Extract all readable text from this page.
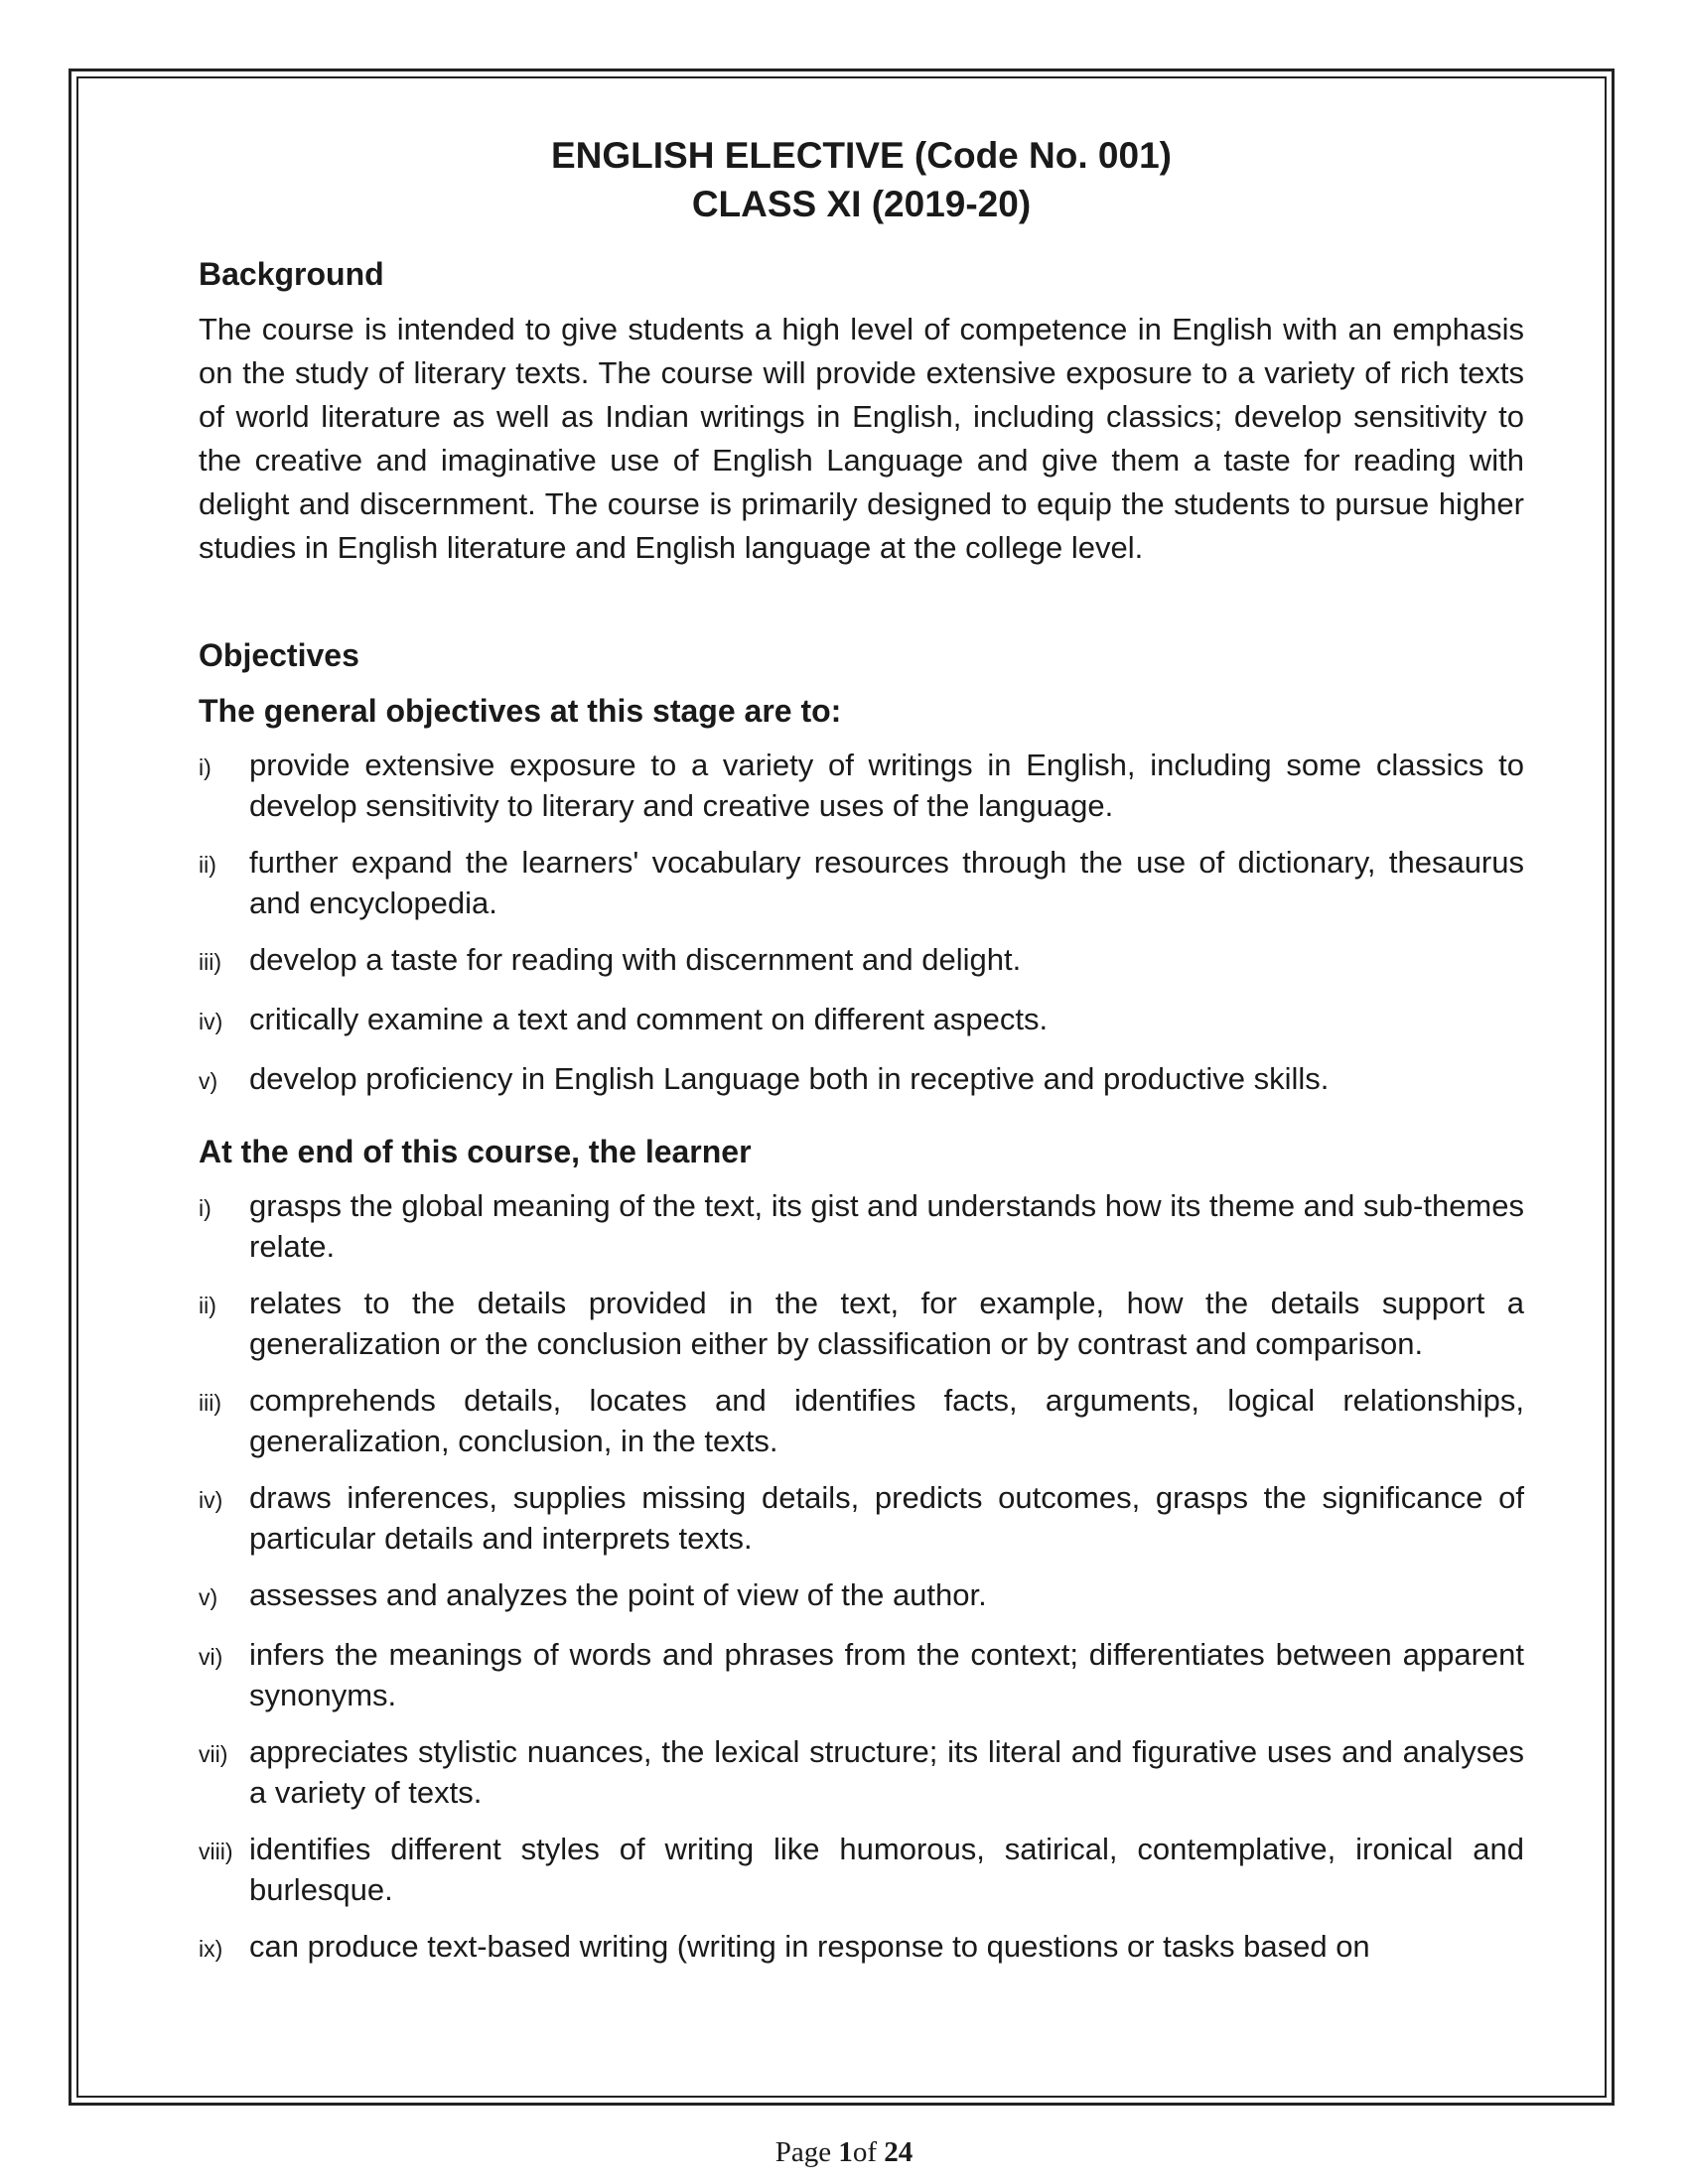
ENGLISH ELECTIVE (Code No. 001)
CLASS XI (2019-20)
Background

The course is intended to give students a high level of competence in English with an emphasis on the study of literary texts. The course will provide extensive exposure to a variety of rich texts of world literature as well as Indian writings in English, including classics; develop sensitivity to the creative and imaginative use of English Language and give them a taste for reading with delight and discernment. The course is primarily designed to equip the students to pursue higher studies in English literature and English language at the college level.

Objectives
The general objectives at this stage are to:
i)	provide extensive exposure to a variety of writings in English, including some classics to develop sensitivity to literary and creative uses of the language.
ii)	further expand the learners' vocabulary resources through the use of dictionary, thesaurus and encyclopedia.
iii) develop a taste for reading with discernment and delight.
iv) critically examine a text and comment on different aspects.
v)	develop proficiency in English Language both in receptive and productive skills.
At the end of this course, the learner
i)	grasps the global meaning of the text, its gist and understands how its theme and sub-themes relate.
ii)	relates to the details provided in the text, for example, how the details support a generalization or the conclusion either by classification or by contrast and comparison.
iii) comprehends details, locates and identifies facts, arguments, logical relationships, generalization, conclusion, in the texts.
iv) draws inferences, supplies missing details, predicts outcomes, grasps the significance of particular details and interprets texts.
v)	assesses and analyzes the point of view of the author.
vi) infers the meanings of words and phrases from the context; differentiates between apparent synonyms.
vii) appreciates stylistic nuances, the lexical structure; its literal and figurative uses and analyses a variety of texts.
viii) identifies different styles of writing like humorous, satirical, contemplative, ironical and burlesque.
ix) can produce text-based writing (writing in response to questions or tasks based on
Page 1of 24
